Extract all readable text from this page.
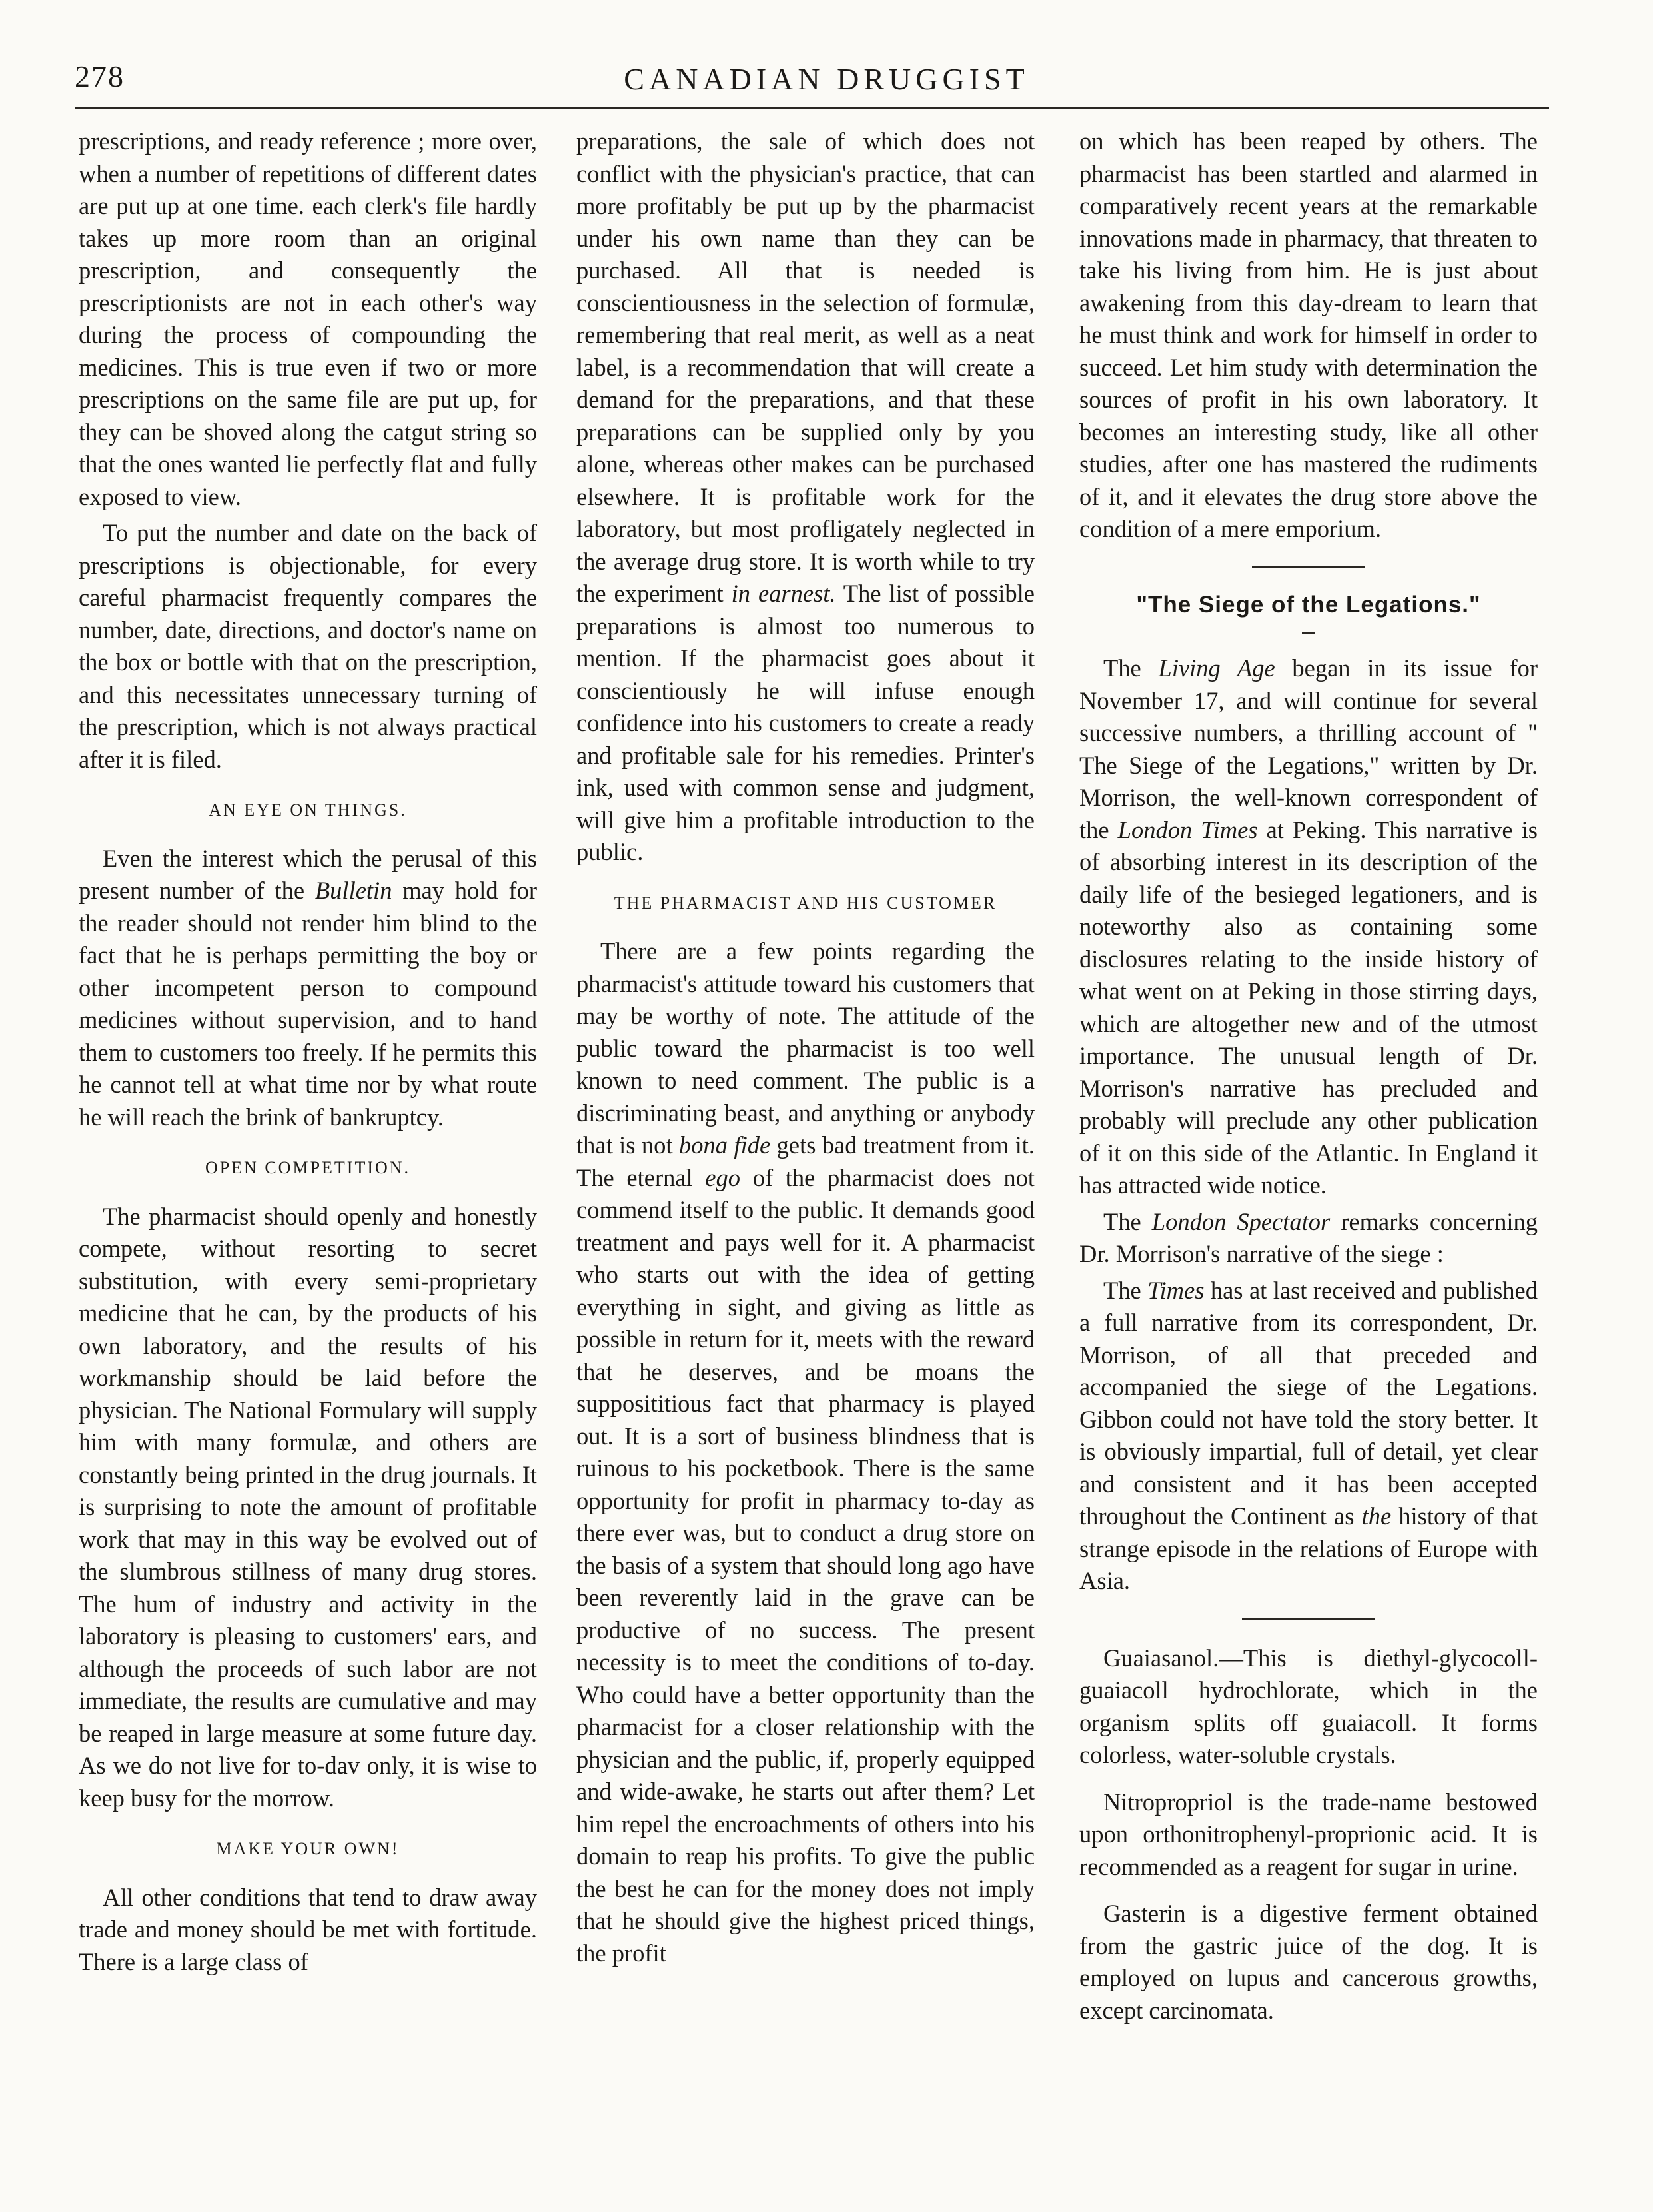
278	CANADIAN DRUGGIST

prescriptions, and ready reference ; more over, when a number of repetitions of different dates are put up at one time. each clerk's file hardly takes up more room than an original prescription, and consequently the prescriptionists are not in each other's way during the process of compounding the medicines. This is true even if two or more prescriptions on the same file are put up, for they can be shoved along the catgut string so that the ones wanted lie perfectly flat and fully exposed to view.

To put the number and date on the back of prescriptions is objectionable, for every careful pharmacist frequently compares the number, date, directions, and doctor's name on the box or bottle with that on the prescription, and this necessitates unnecessary turning of the prescription, which is not always practical after it is filed.

AN EYE ON THINGS.

Even the interest which the perusal of this present number of the Bulletin may hold for the reader should not render him blind to the fact that he is perhaps permitting the boy or other incompetent person to compound medicines without supervision, and to hand them to customers too freely. If he permits this he cannot tell at what time nor by what route he will reach the brink of bankruptcy.

OPEN COMPETITION.

The pharmacist should openly and honestly compete, without resorting to secret substitution, with every semi-proprietary medicine that he can, by the products of his own laboratory, and the results of his workmanship should be laid before the physician. The National Formulary will supply him with many formulæ, and others are constantly being printed in the drug journals. It is surprising to note the amount of profitable work that may in this way be evolved out of the slumbrous stillness of many drug stores. The hum of industry and activity in the laboratory is pleasing to customers' ears, and although the proceeds of such labor are not immediate, the results are cumulative and may be reaped in large measure at some future day. As we do not live for to-dav only, it is wise to keep busy for the morrow.

MAKE YOUR OWN!

All other conditions that tend to draw away trade and money should be met with fortitude. There is a large class of

preparations, the sale of which does not conflict with the physician's practice, that can more profitably be put up by the pharmacist under his own name than they can be purchased. All that is needed is conscientiousness in the selection of formulæ, remembering that real merit, as well as a neat label, is a recommendation that will create a demand for the preparations, and that these preparations can be supplied only by you alone, whereas other makes can be purchased elsewhere. It is profitable work for the laboratory, but most profligately neglected in the average drug store. It is worth while to try the experiment in earnest. The list of possible preparations is almost too numerous to mention. If the pharmacist goes about it conscientiously he will infuse enough confidence into his customers to create a ready and profitable sale for his remedies. Printer's ink, used with common sense and judgment, will give him a profitable introduction to the public.

THE PHARMACIST AND HIS CUSTOMER

There are a few points regarding the pharmacist's attitude toward his customers that may be worthy of note. The attitude of the public toward the pharmacist is too well known to need comment. The public is a discriminating beast, and anything or anybody that is not bona fide gets bad treatment from it. The eternal ego of the pharmacist does not commend itself to the public. It demands good treatment and pays well for it. A pharmacist who starts out with the idea of getting everything in sight, and giving as little as possible in return for it, meets with the reward that he deserves, and be moans the supposititious fact that pharmacy is played out. It is a sort of business blindness that is ruinous to his pocketbook. There is the same opportunity for profit in pharmacy to-day as there ever was, but to conduct a drug store on the basis of a system that should long ago have been reverently laid in the grave can be productive of no success. The present necessity is to meet the conditions of to-day. Who could have a better opportunity than the pharmacist for a closer relationship with the physician and the public, if, properly equipped and wide-awake, he starts out after them? Let him repel the encroachments of others into his domain to reap his profits. To give the public the best he can for the money does not imply that he should give the highest priced things, the profit

on which has been reaped by others. The pharmacist has been startled and alarmed in comparatively recent years at the remarkable innovations made in pharmacy, that threaten to take his living from him. He is just about awakening from this day-dream to learn that he must think and work for himself in order to succeed. Let him study with determination the sources of profit in his own laboratory. It becomes an interesting study, like all other studies, after one has mastered the rudiments of it, and it elevates the drug store above the condition of a mere emporium.

"The Siege of the Legations."

The Living Age began in its issue for November 17, and will continue for several successive numbers, a thrilling account of " The Siege of the Legations," written by Dr. Morrison, the well-known correspondent of the London Times at Peking. This narrative is of absorbing interest in its description of the daily life of the besieged legationers, and is noteworthy also as containing some disclosures relating to the inside history of what went on at Peking in those stirring days, which are altogether new and of the utmost importance. The unusual length of Dr. Morrison's narrative has precluded and probably will preclude any other publication of it on this side of the Atlantic. In England it has attracted wide notice.

The London Spectator remarks concerning Dr. Morrison's narrative of the siege :

The Times has at last received and published a full narrative from its correspondent, Dr. Morrison, of all that preceded and accompanied the siege of the Legations. Gibbon could not have told the story better. It is obviously impartial, full of detail, yet clear and consistent and it has been accepted throughout the Continent as the history of that strange episode in the relations of Europe with Asia.

Guaiasanol.—This is diethyl-glycocoll-guaiacoll hydrochlorate, which in the organism splits off guaiacoll. It forms colorless, water-soluble crystals.

Nitropropriol is the trade-name bestowed upon orthonitrophenyl-proprionic acid. It is recommended as a reagent for sugar in urine.

Gasterin is a digestive ferment obtained from the gastric juice of the dog. It is employed on lupus and cancerous growths, except carcinomata.
